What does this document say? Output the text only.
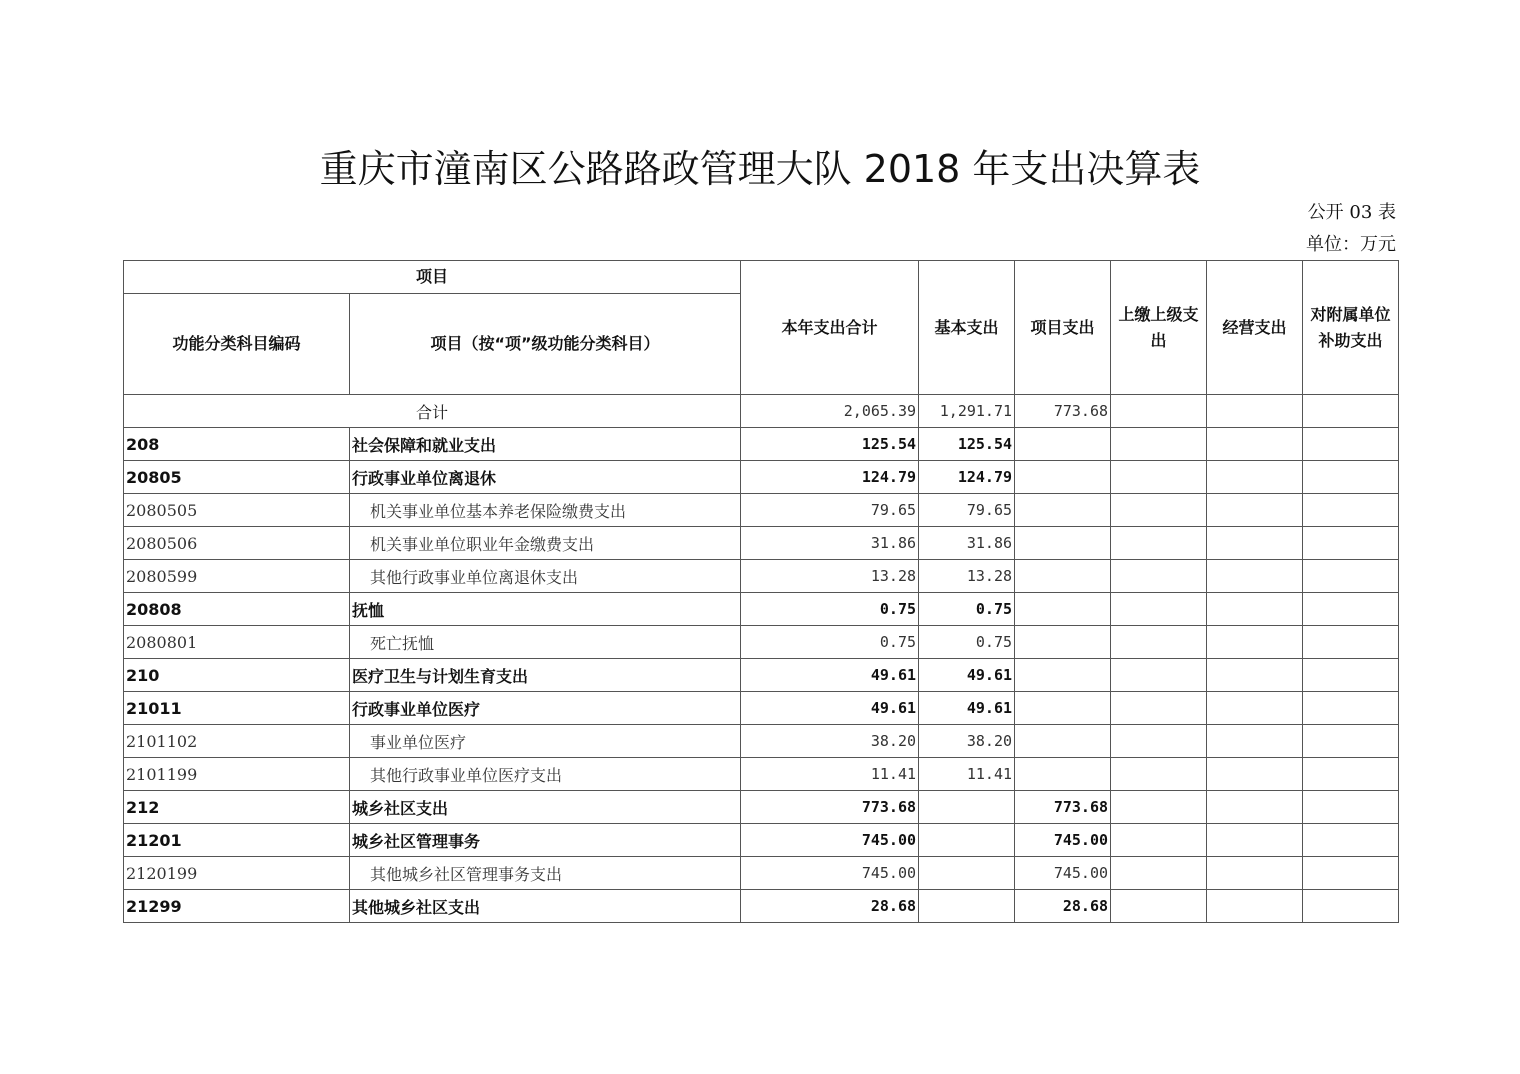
重庆市潼南区公路路政管理大队 2018 年支出决算表
公开 03 表
单位：万元
项目		本年支出合计	基本支出	项目支出	上缴上级支出	经营支出	对附属单位补助支出
功能分类科目编码	项目（按“项”级功能分类科目）						
合计		2,065.39	1,291.71	773.68			
208	社会保障和就业支出	125.54	125.54				
20805	行政事业单位离退休	124.79	124.79				
2080505	机关事业单位基本养老保险缴费支出	79.65	79.65				
2080506	机关事业单位职业年金缴费支出	31.86	31.86				
2080599	其他行政事业单位离退休支出	13.28	13.28				
20808	抚恤	0.75	0.75				
2080801	死亡抚恤	0.75	0.75				
210	医疗卫生与计划生育支出	49.61	49.61				
21011	行政事业单位医疗	49.61	49.61				
2101102	事业单位医疗	38.20	38.20				
2101199	其他行政事业单位医疗支出	11.41	11.41				
212	城乡社区支出	773.68		773.68			
21201	城乡社区管理事务	745.00		745.00			
2120199	其他城乡社区管理事务支出	745.00		745.00			
21299	其他城乡社区支出	28.68		28.68			
